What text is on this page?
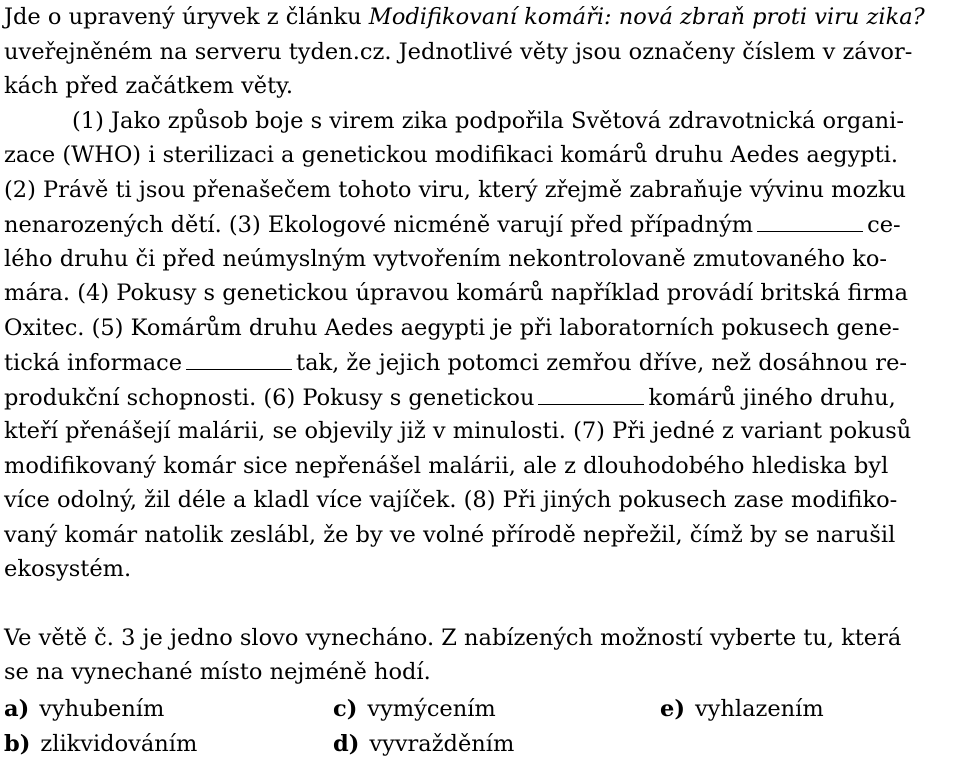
Jde o upravený úryvek z článku Modifikovaní komáři: nová zbraň proti viru zika?
uveřejněném na serveru tyden.cz. Jednotlivé věty jsou označeny číslem v závor-
kách před začátkem věty.
(1) Jako způsob boje s virem zika podpořila Světová zdravotnická organi-
zace (WHO) i sterilizaci a genetickou modifikaci komárů druhu Aedes aegypti.
(2) Právě ti jsou přenašečem tohoto viru, který zřejmě zabraňuje vývinu mozku
nenarozených dětí. (3) Ekologové nicméně varují před případným	ce-
lého druhu či před neúmyslným vytvořením nekontrolovaně zmutovaného ko-
mára. (4) Pokusy s genetickou úpravou komárů například provádí britská firma
Oxitec. (5) Komárům druhu Aedes aegypti je při laboratorních pokusech gene-
tická informace	tak, že jejich potomci zemřou dříve, než dosáhnou re-
produkční schopnosti. (6) Pokusy s genetickou	komárů jiného druhu,
kteří přenášejí malárii, se objevily již v minulosti. (7) Při jedné z variant pokusů
modifikovaný komár sice nepřenášel malárii, ale z dlouhodobého hlediska byl
více odolný, žil déle a kladl více vajíček. (8) Při jiných pokusech zase modifiko-
vaný komár natolik zeslábl, že by ve volné přírodě nepřežil, čímž by se narušil
ekosystém.
Ve větě č. 3 je jedno slovo vynecháno. Z nabízených možností vyberte tu, která
se na vynechané místo nejméně hodí.
a) vyhubením
b) zlikvidováním
c) vymýcením
d) vyvražděním
e) vyhlazením
